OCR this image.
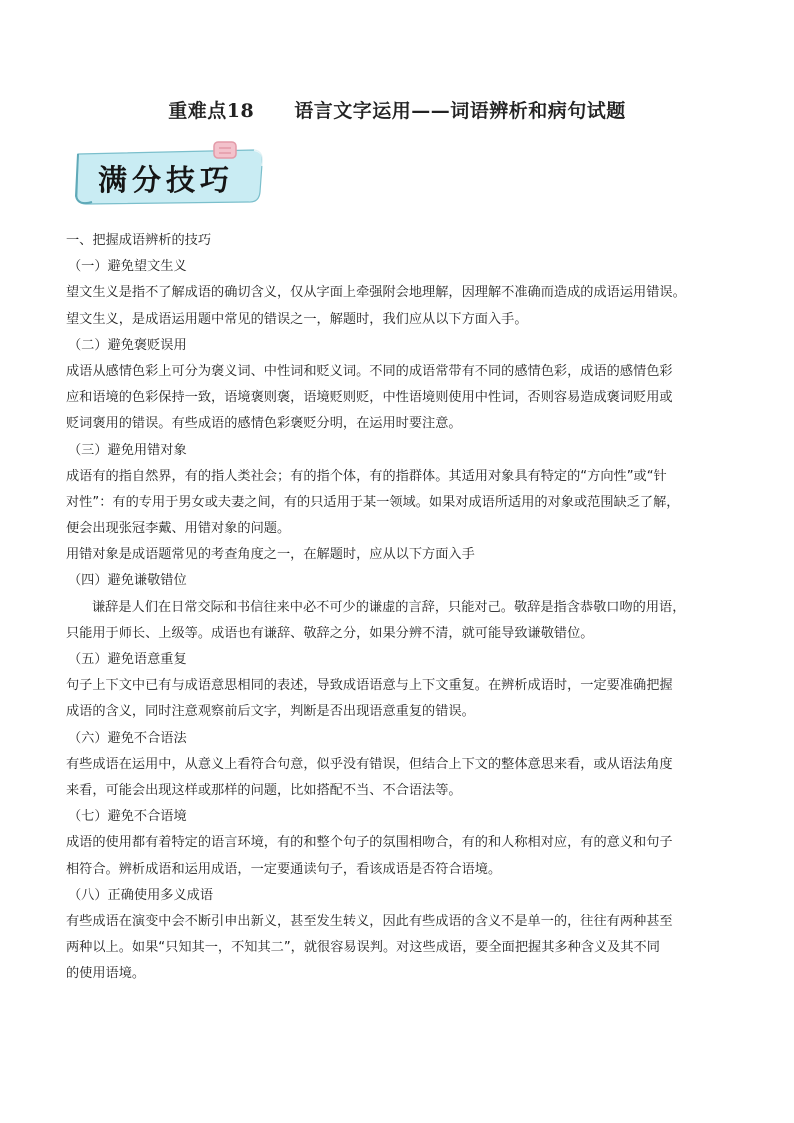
重难点18 语言文字运用——词语辨析和病句试题
满分技巧
一、把握成语辨析的技巧
（一）避免望文生义
望文生义是指不了解成语的确切含义，仅从字面上牵强附会地理解，因理解不准确而造成的成语运用错误。
望文生义，是成语运用题中常见的错误之一，解题时，我们应从以下方面入手。
（二）避免褒贬误用
成语从感情色彩上可分为褒义词、中性词和贬义词。不同的成语常带有不同的感情色彩，成语的感情色彩
应和语境的色彩保持一致，语境褒则褒，语境贬则贬，中性语境则使用中性词，否则容易造成褒词贬用或
贬词褒用的错误。有些成语的感情色彩褒贬分明，在运用时要注意。
（三）避免用错对象
成语有的指自然界，有的指人类社会；有的指个体，有的指群体。其适用对象具有特定的“方向性”或“针
对性”：有的专用于男女或夫妻之间，有的只适用于某一领域。如果对成语所适用的对象或范围缺乏了解，
便会出现张冠李戴、用错对象的问题。
用错对象是成语题常见的考查角度之一，在解题时，应从以下方面入手
（四）避免谦敬错位
谦辞是人们在日常交际和书信往来中必不可少的谦虚的言辞，只能对己。敬辞是指含恭敬口吻的用语，
只能用于师长、上级等。成语也有谦辞、敬辞之分，如果分辨不清，就可能导致谦敬错位。
（五）避免语意重复
句子上下文中已有与成语意思相同的表述，导致成语语意与上下文重复。在辨析成语时，一定要准确把握
成语的含义，同时注意观察前后文字，判断是否出现语意重复的错误。
（六）避免不合语法
有些成语在运用中，从意义上看符合句意，似乎没有错误，但结合上下文的整体意思来看，或从语法角度
来看，可能会出现这样或那样的问题，比如搭配不当、不合语法等。
（七）避免不合语境
成语的使用都有着特定的语言环境，有的和整个句子的氛围相吻合，有的和人称相对应，有的意义和句子
相符合。辨析成语和运用成语，一定要通读句子，看该成语是否符合语境。
（八）正确使用多义成语
有些成语在演变中会不断引申出新义，甚至发生转义，因此有些成语的含义不是单一的，往往有两种甚至
两种以上。如果“只知其一，不知其二”，就很容易误判。对这些成语，要全面把握其多种含义及其不同
的使用语境。
